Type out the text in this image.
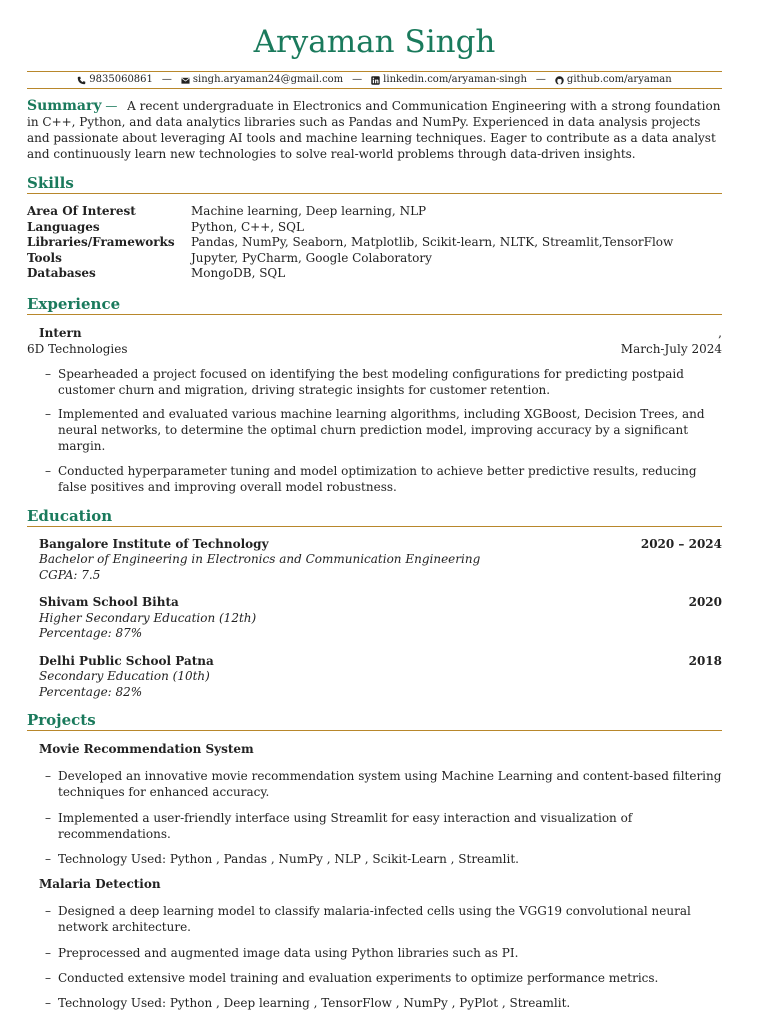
Aryaman Singh
9835060861 — singh.aryaman24@gmail.com — linkedin.com/aryaman-singh — github.com/aryaman
Summary — A recent undergraduate in Electronics and Communication Engineering with a strong foundation in C++, Python, and data analytics libraries such as Pandas and NumPy. Experienced in data analysis projects and passionate about leveraging AI tools and machine learning techniques. Eager to contribute as a data analyst and continuously learn new technologies to solve real-world problems through data-driven insights.
Skills
Area Of Interest	Machine learning, Deep learning, NLP
Languages	Python, C++, SQL
Libraries/Frameworks	Pandas, NumPy, Seaborn, Matplotlib, Scikit-learn, NLTK, Streamlit,TensorFlow
Tools	Jupyter, PyCharm, Google Colaboratory
Databases	MongoDB, SQL
Experience
Intern	,
6D Technologies	March-July 2024
– Spearheaded a project focused on identifying the best modeling configurations for predicting postpaid customer churn and migration, driving strategic insights for customer retention.
– Implemented and evaluated various machine learning algorithms, including XGBoost, Decision Trees, and neural networks, to determine the optimal churn prediction model, improving accuracy by a significant margin.
– Conducted hyperparameter tuning and model optimization to achieve better predictive results, reducing false positives and improving overall model robustness.
Education
Bangalore Institute of Technology	2020 – 2024
Bachelor of Engineering in Electronics and Communication Engineering
CGPA: 7.5
Shivam School Bihta	2020
Higher Secondary Education (12th)
Percentage: 87%
Delhi Public School Patna	2018
Secondary Education (10th)
Percentage: 82%
Projects
Movie Recommendation System
– Developed an innovative movie recommendation system using Machine Learning and content-based filtering techniques for enhanced accuracy.
– Implemented a user-friendly interface using Streamlit for easy interaction and visualization of recommendations.
– Technology Used: Python , Pandas , NumPy , NLP , Scikit-Learn , Streamlit.
Malaria Detection
– Designed a deep learning model to classify malaria-infected cells using the VGG19 convolutional neural network architecture.
– Preprocessed and augmented image data using Python libraries such as PI.
– Conducted extensive model training and evaluation experiments to optimize performance metrics.
– Technology Used: Python , Deep learning , TensorFlow , NumPy , PyPlot , Streamlit.
